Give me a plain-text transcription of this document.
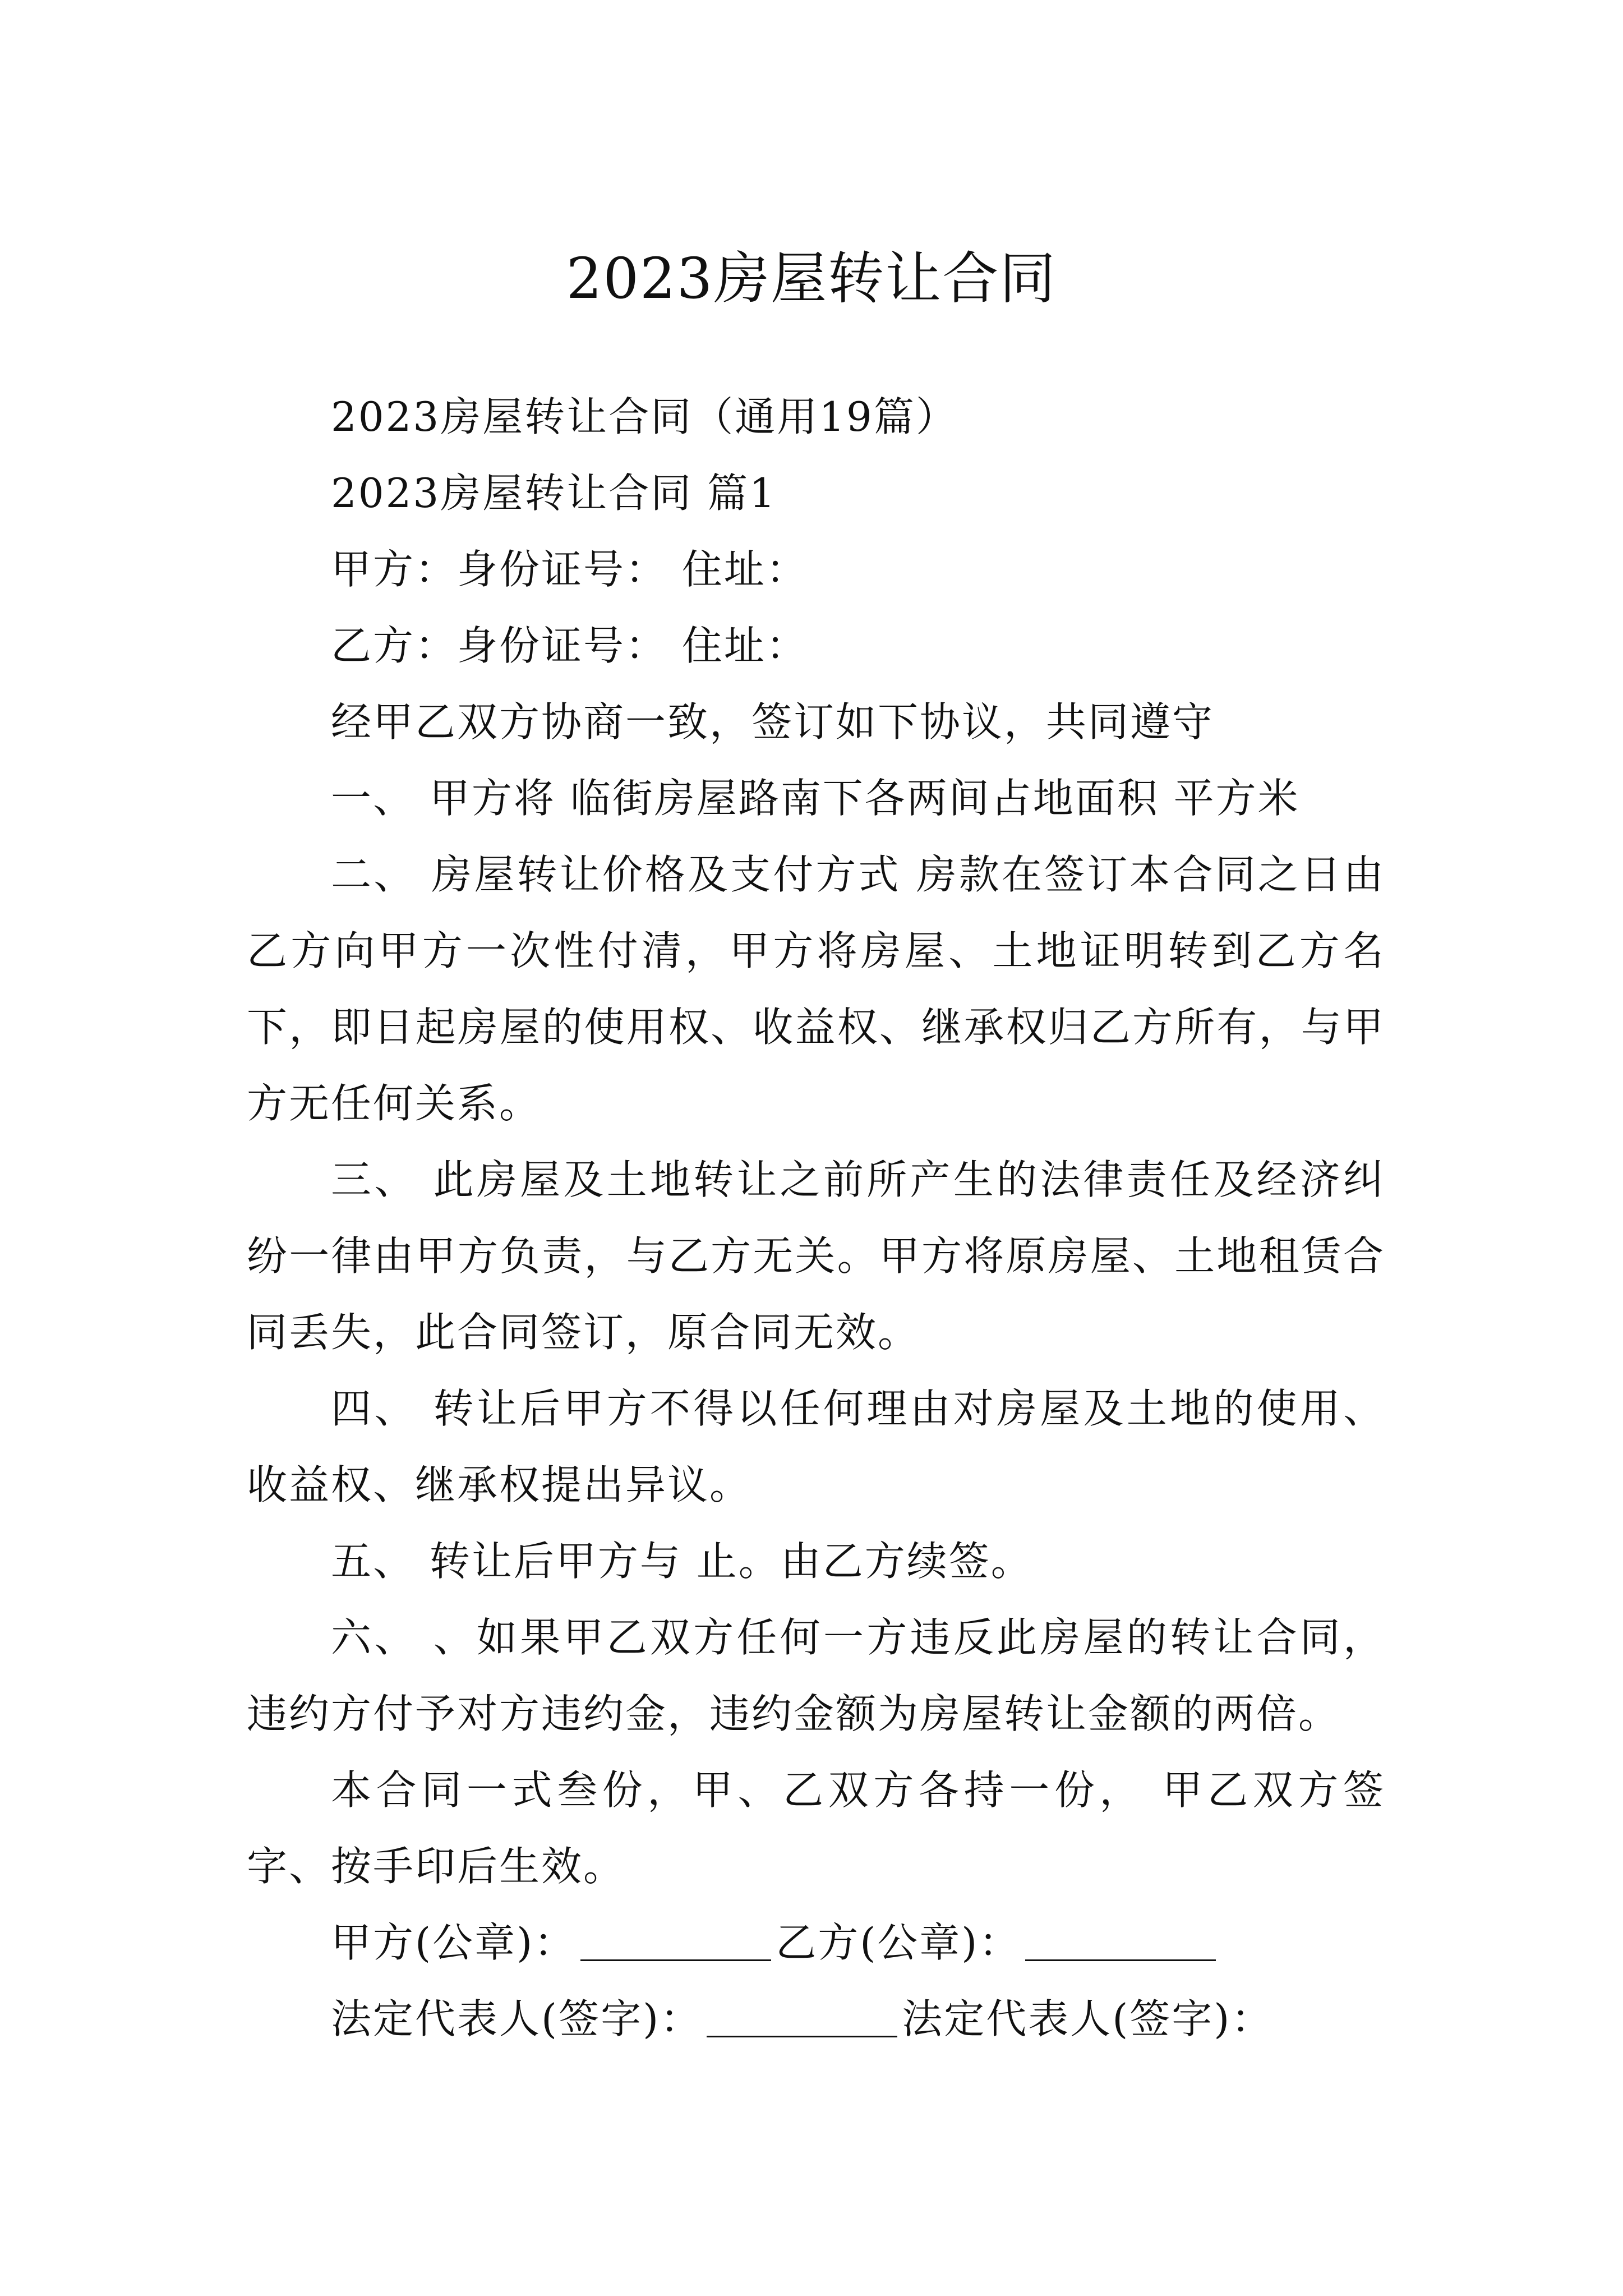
2023房屋转让合同

2023房屋转让合同（通用19篇）

2023房屋转让合同 篇1

甲方：身份证号： 住址：

乙方：身份证号： 住址：

经甲乙双方协商一致，签订如下协议，共同遵守

一、 甲方将 临街房屋路南下各两间占地面积 平方米

二、 房屋转让价格及支付方式 房款在签订本合同之日由乙方向甲方一次性付清，甲方将房屋、土地证明转到乙方名下，即日起房屋的使用权、收益权、继承权归乙方所有，与甲方无任何关系。

三、 此房屋及土地转让之前所产生的法律责任及经济纠纷一律由甲方负责，与乙方无关。甲方将原房屋、土地租赁合同丢失，此合同签订，原合同无效。

四、 转让后甲方不得以任何理由对房屋及土地的使用、收益权、继承权提出异议。

五、 转让后甲方与 止。由乙方续签。

六、 、如果甲乙双方任何一方违反此房屋的转让合同，违约方付予对方违约金，违约金额为房屋转让金额的两倍。

本合同一式叁份，甲、乙双方各持一份， 甲乙双方签字、按手印后生效。

甲方(公章)：	乙方(公章)：

法定代表人(签字)：	法定代表人(签字)：
